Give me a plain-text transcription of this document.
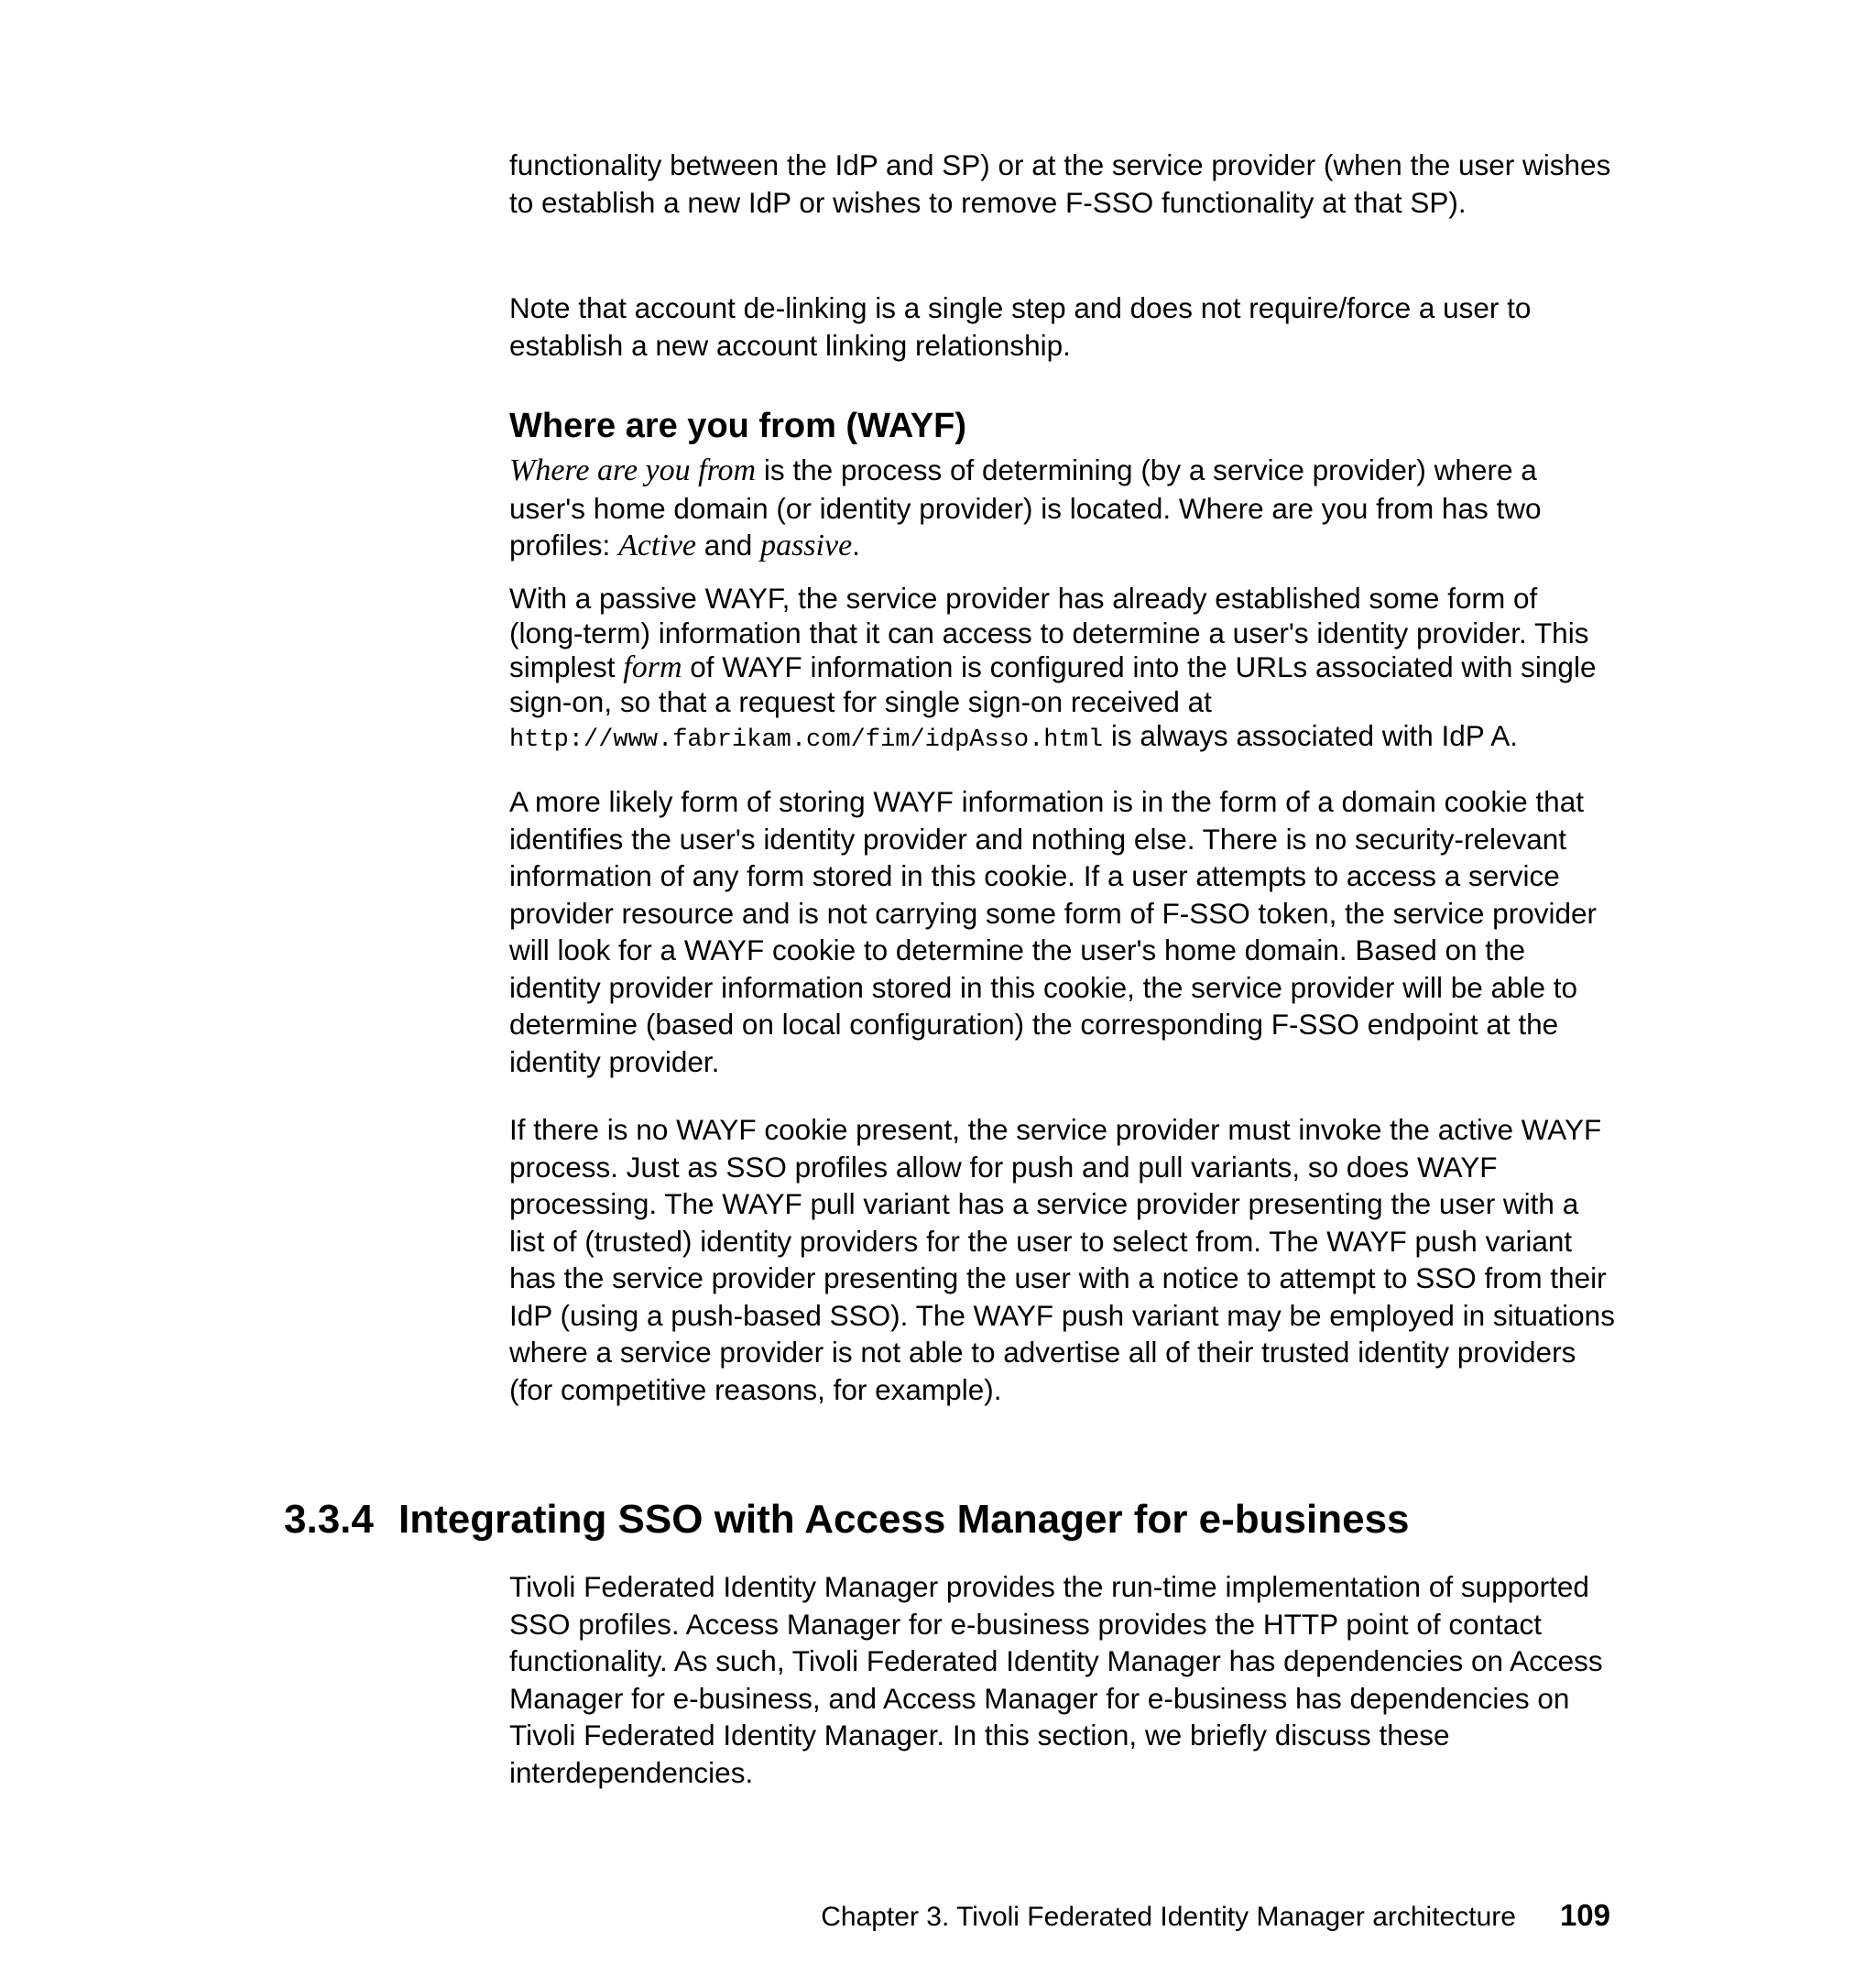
functionality between the IdP and SP) or at the service provider (when the user wishes to establish a new IdP or wishes to remove F-SSO functionality at that SP).

Note that account de-linking is a single step and does not require/force a user to establish a new account linking relationship.

Where are you from (WAYF)

Where are you from is the process of determining (by a service provider) where a user's home domain (or identity provider) is located. Where are you from has two profiles: Active and passive.

With a passive WAYF, the service provider has already established some form of (long-term) information that it can access to determine a user's identity provider. This simplest form of WAYF information is configured into the URLs associated with single sign-on, so that a request for single sign-on received at http://www.fabrikam.com/fim/idpAsso.html is always associated with IdP A.

A more likely form of storing WAYF information is in the form of a domain cookie that identifies the user's identity provider and nothing else. There is no security-relevant information of any form stored in this cookie. If a user attempts to access a service provider resource and is not carrying some form of F-SSO token, the service provider will look for a WAYF cookie to determine the user's home domain. Based on the identity provider information stored in this cookie, the service provider will be able to determine (based on local configuration) the corresponding F-SSO endpoint at the identity provider.

If there is no WAYF cookie present, the service provider must invoke the active WAYF process. Just as SSO profiles allow for push and pull variants, so does WAYF processing. The WAYF pull variant has a service provider presenting the user with a list of (trusted) identity providers for the user to select from. The WAYF push variant has the service provider presenting the user with a notice to attempt to SSO from their IdP (using a push-based SSO). The WAYF push variant may be employed in situations where a service provider is not able to advertise all of their trusted identity providers (for competitive reasons, for example).

3.3.4 Integrating SSO with Access Manager for e-business

Tivoli Federated Identity Manager provides the run-time implementation of supported SSO profiles. Access Manager for e-business provides the HTTP point of contact functionality. As such, Tivoli Federated Identity Manager has dependencies on Access Manager for e-business, and Access Manager for e-business has dependencies on Tivoli Federated Identity Manager. In this section, we briefly discuss these interdependencies.

Chapter 3. Tivoli Federated Identity Manager architecture 109
